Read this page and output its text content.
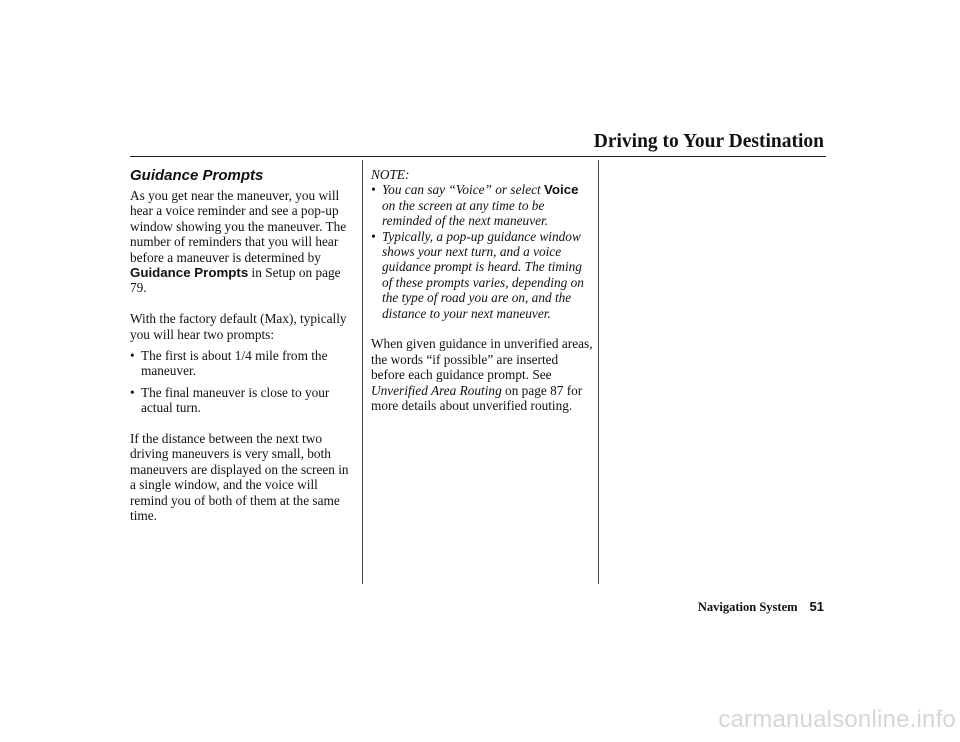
Driving to Your Destination
Guidance Prompts

As you get near the maneuver, you will hear a voice reminder and see a pop-up window showing you the maneuver. The number of reminders that you will hear before a maneuver is determined by Guidance Prompts in Setup on page 79.

With the factory default (Max), typically you will hear two prompts:

• The first is about 1/4 mile from the maneuver.
• The final maneuver is close to your actual turn.

If the distance between the next two driving maneuvers is very small, both maneuvers are displayed on the screen in a single window, and the voice will remind you of both of them at the same time.

NOTE:
• You can say “Voice” or select Voice on the screen at any time to be reminded of the next maneuver.
• Typically, a pop-up guidance window shows your next turn, and a voice guidance prompt is heard. The timing of these prompts varies, depending on the type of road you are on, and the distance to your next maneuver.

When given guidance in unverified areas, the words “if possible” are inserted before each guidance prompt. See Unverified Area Routing on page 87 for more details about unverified routing.

Navigation System 51
carmanualsonline.info
